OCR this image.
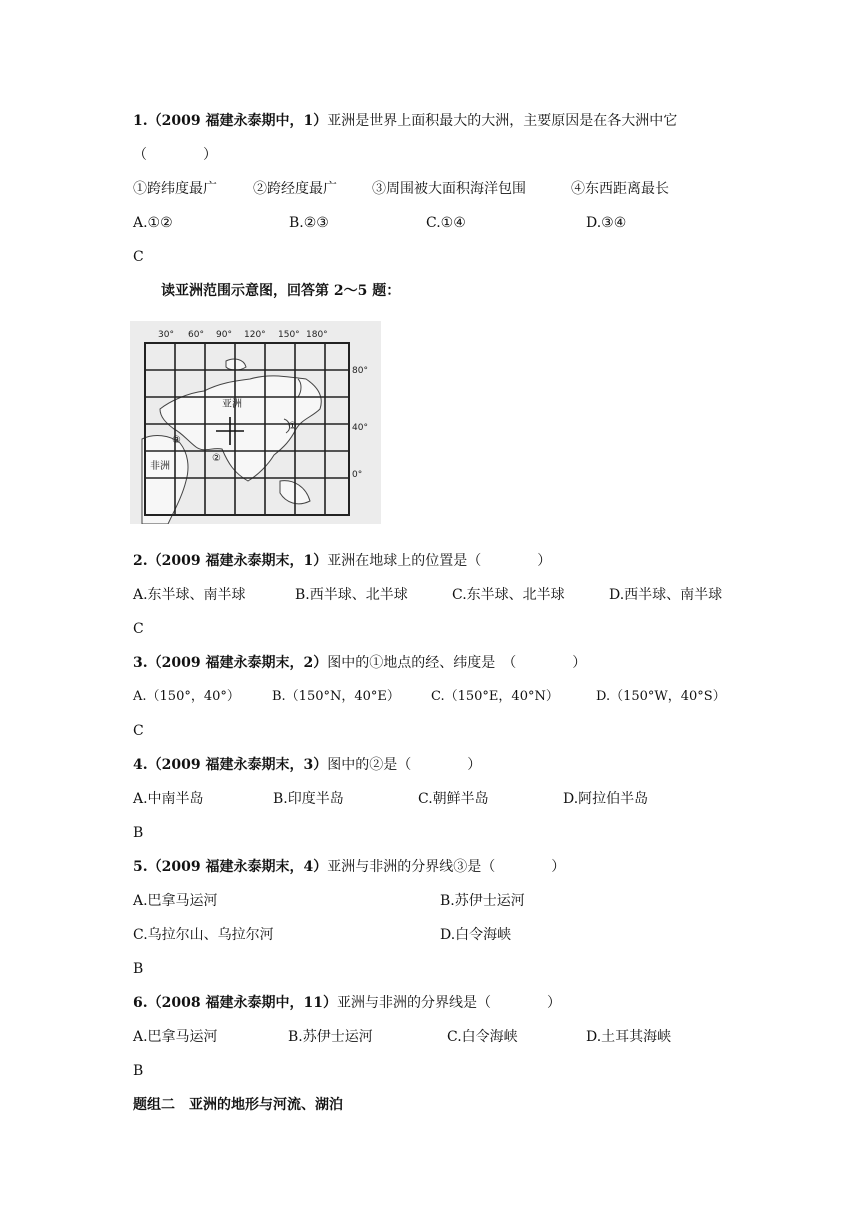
1.（2009 福建永泰期中，1）亚洲是世界上面积最大的大洲，主要原因是在各大洲中它
（　　　　）
①跨纬度最广	②跨经度最广	③周围被大面积海洋包围	④东西距离最长
A.①②	B.②③	C.①④	D.③④
C
读亚洲范围示意图，回答第 2～5 题：
30° 60° 90° 120° 150° 180°
80°
40°
0°
亚洲
非洲
①
②
③
2.（2009 福建永泰期末，1）亚洲在地球上的位置是（　　　　）
A.东半球、南半球	B.西半球、北半球	C.东半球、北半球	D.西半球、南半球
C
3.（2009 福建永泰期末，2）图中的①地点的经、纬度是　（　　　　）
A.（150°，40°） B.（150°N，40°E） C.（150°E，40°N）	D.（150°W，40°S）
C
4.（2009 福建永泰期末，3）图中的②是（　　　　）
A.中南半岛	B.印度半岛	C.朝鲜半岛	D.阿拉伯半岛
B
5.（2009 福建永泰期末，4）亚洲与非洲的分界线③是（　　　　）
A.巴拿马运河	B.苏伊士运河
C.乌拉尔山、乌拉尔河	D.白令海峡
B
6.（2008 福建永泰期中，11）亚洲与非洲的分界线是（　　　　）
A.巴拿马运河	B.苏伊士运河	C.白令海峡	D.土耳其海峡
B
题组二　亚洲的地形与河流、湖泊
